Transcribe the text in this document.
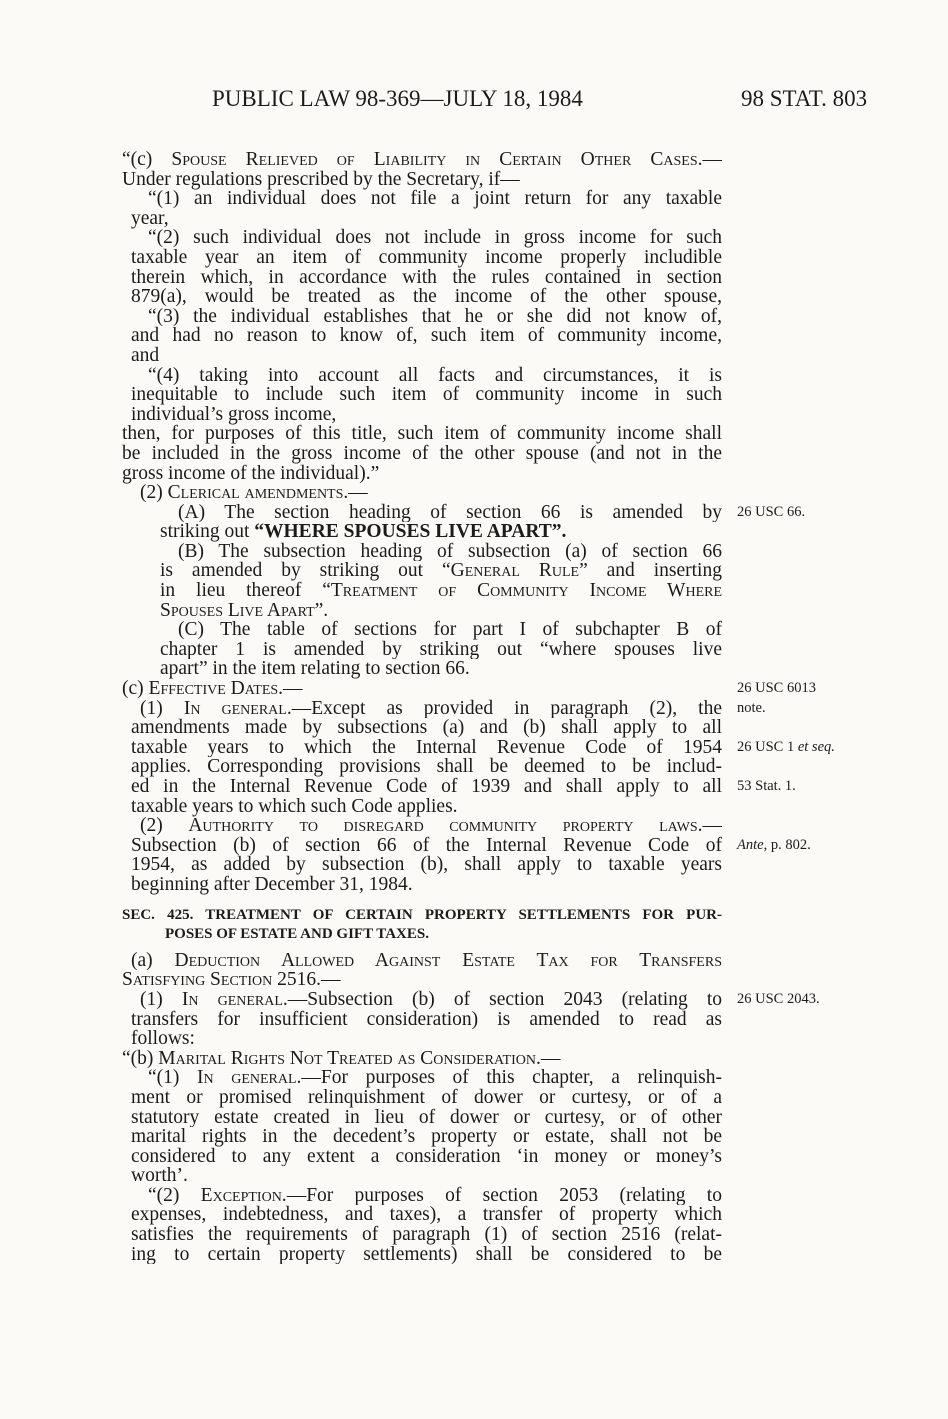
PUBLIC LAW 98-369—JULY 18, 1984	98 STAT. 803
“(c) Spouse Relieved of Liability in Certain Other Cases.—
Under regulations prescribed by the Secretary, if—
“(1) an individual does not file a joint return for any taxable
year,
“(2) such individual does not include in gross income for such
taxable year an item of community income properly includible
therein which, in accordance with the rules contained in section
879(a), would be treated as the income of the other spouse,
“(3) the individual establishes that he or she did not know of,
and had no reason to know of, such item of community income,
and
“(4) taking into account all facts and circumstances, it is
inequitable to include such item of community income in such
individual’s gross income,
then, for purposes of this title, such item of community income shall
be included in the gross income of the other spouse (and not in the
gross income of the individual).”
(2) Clerical amendments.—
(A) The section heading of section 66 is amended by 26 USC 66.
striking out “WHERE SPOUSES LIVE APART”.
(B) The subsection heading of subsection (a) of section 66
is amended by striking out “General Rule” and inserting
in lieu thereof “Treatment of Community Income Where
Spouses Live Apart”.
(C) The table of sections for part I of subchapter B of
chapter 1 is amended by striking out “where spouses live
apart” in the item relating to section 66.
(c) Effective Dates.—	26 USC 6013
(1) In general.—Except as provided in paragraph (2), the note.
amendments made by subsections (a) and (b) shall apply to all
taxable years to which the Internal Revenue Code of 1954 26 USC 1 et seq.
applies. Corresponding provisions shall be deemed to be includ-
ed in the Internal Revenue Code of 1939 and shall apply to all 53 Stat. 1.
taxable years to which such Code applies.
(2) Authority to disregard community property laws.—
Subsection (b) of section 66 of the Internal Revenue Code of Ante, p. 802.
1954, as added by subsection (b), shall apply to taxable years
beginning after December 31, 1984.
SEC. 425. TREATMENT OF CERTAIN PROPERTY SETTLEMENTS FOR PUR-
POSES OF ESTATE AND GIFT TAXES.
(a) Deduction Allowed Against Estate Tax for Transfers
Satisfying Section 2516.—
(1) In general.—Subsection (b) of section 2043 (relating to 26 USC 2043.
transfers for insufficient consideration) is amended to read as
follows:
“(b) Marital Rights Not Treated as Consideration.—
“(1) In general.—For purposes of this chapter, a relinquish-
ment or promised relinquishment of dower or curtesy, or of a
statutory estate created in lieu of dower or curtesy, or of other
marital rights in the decedent’s property or estate, shall not be
considered to any extent a consideration ‘in money or money’s
worth’.
“(2) Exception.—For purposes of section 2053 (relating to
expenses, indebtedness, and taxes), a transfer of property which
satisfies the requirements of paragraph (1) of section 2516 (relat-
ing to certain property settlements) shall be considered to be
